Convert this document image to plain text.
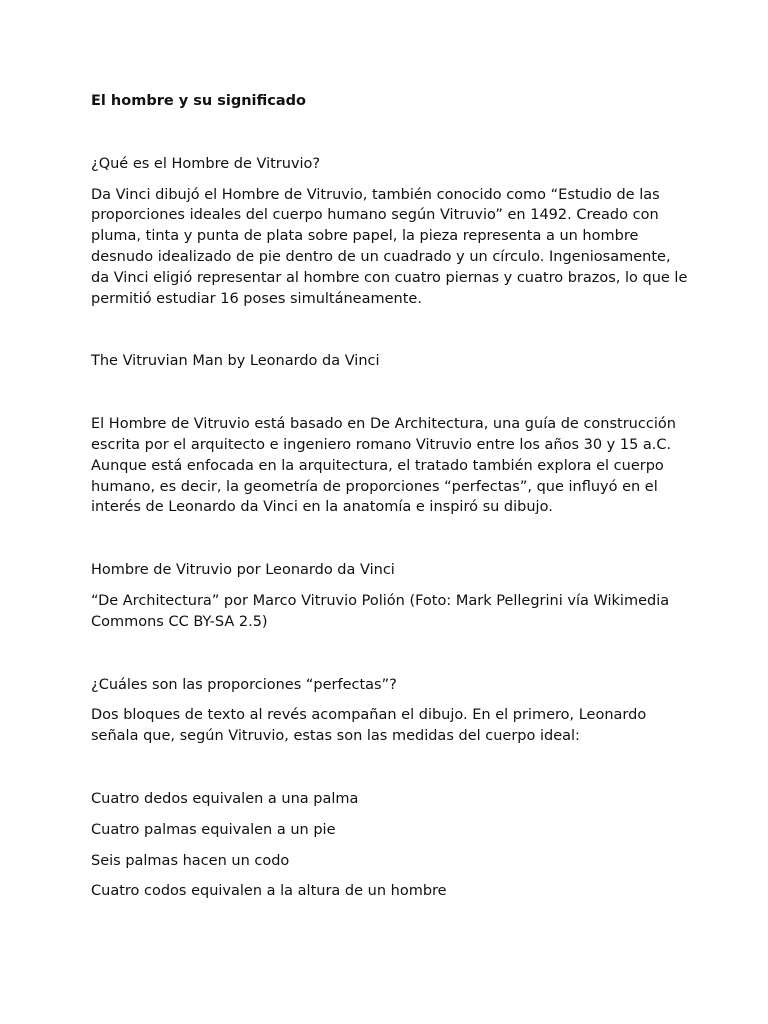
El hombre y su significado

¿Qué es el Hombre de Vitruvio?

Da Vinci dibujó el Hombre de Vitruvio, también conocido como “Estudio de las proporciones ideales del cuerpo humano según Vitruvio” en 1492. Creado con pluma, tinta y punta de plata sobre papel, la pieza representa a un hombre desnudo idealizado de pie dentro de un cuadrado y un círculo. Ingeniosamente, da Vinci eligió representar al hombre con cuatro piernas y cuatro brazos, lo que le permitió estudiar 16 poses simultáneamente.

The Vitruvian Man by Leonardo da Vinci

El Hombre de Vitruvio está basado en De Architectura, una guía de construcción escrita por el arquitecto e ingeniero romano Vitruvio entre los años 30 y 15 a.C. Aunque está enfocada en la arquitectura, el tratado también explora el cuerpo humano, es decir, la geometría de proporciones “perfectas”, que influyó en el interés de Leonardo da Vinci en la anatomía e inspiró su dibujo.

Hombre de Vitruvio por Leonardo da Vinci

“De Architectura” por Marco Vitruvio Polión (Foto: Mark Pellegrini vía Wikimedia Commons CC BY-SA 2.5)

¿Cuáles son las proporciones “perfectas”?

Dos bloques de texto al revés acompañan el dibujo. En el primero, Leonardo señala que, según Vitruvio, estas son las medidas del cuerpo ideal:

Cuatro dedos equivalen a una palma

Cuatro palmas equivalen a un pie

Seis palmas hacen un codo

Cuatro codos equivalen a la altura de un hombre
